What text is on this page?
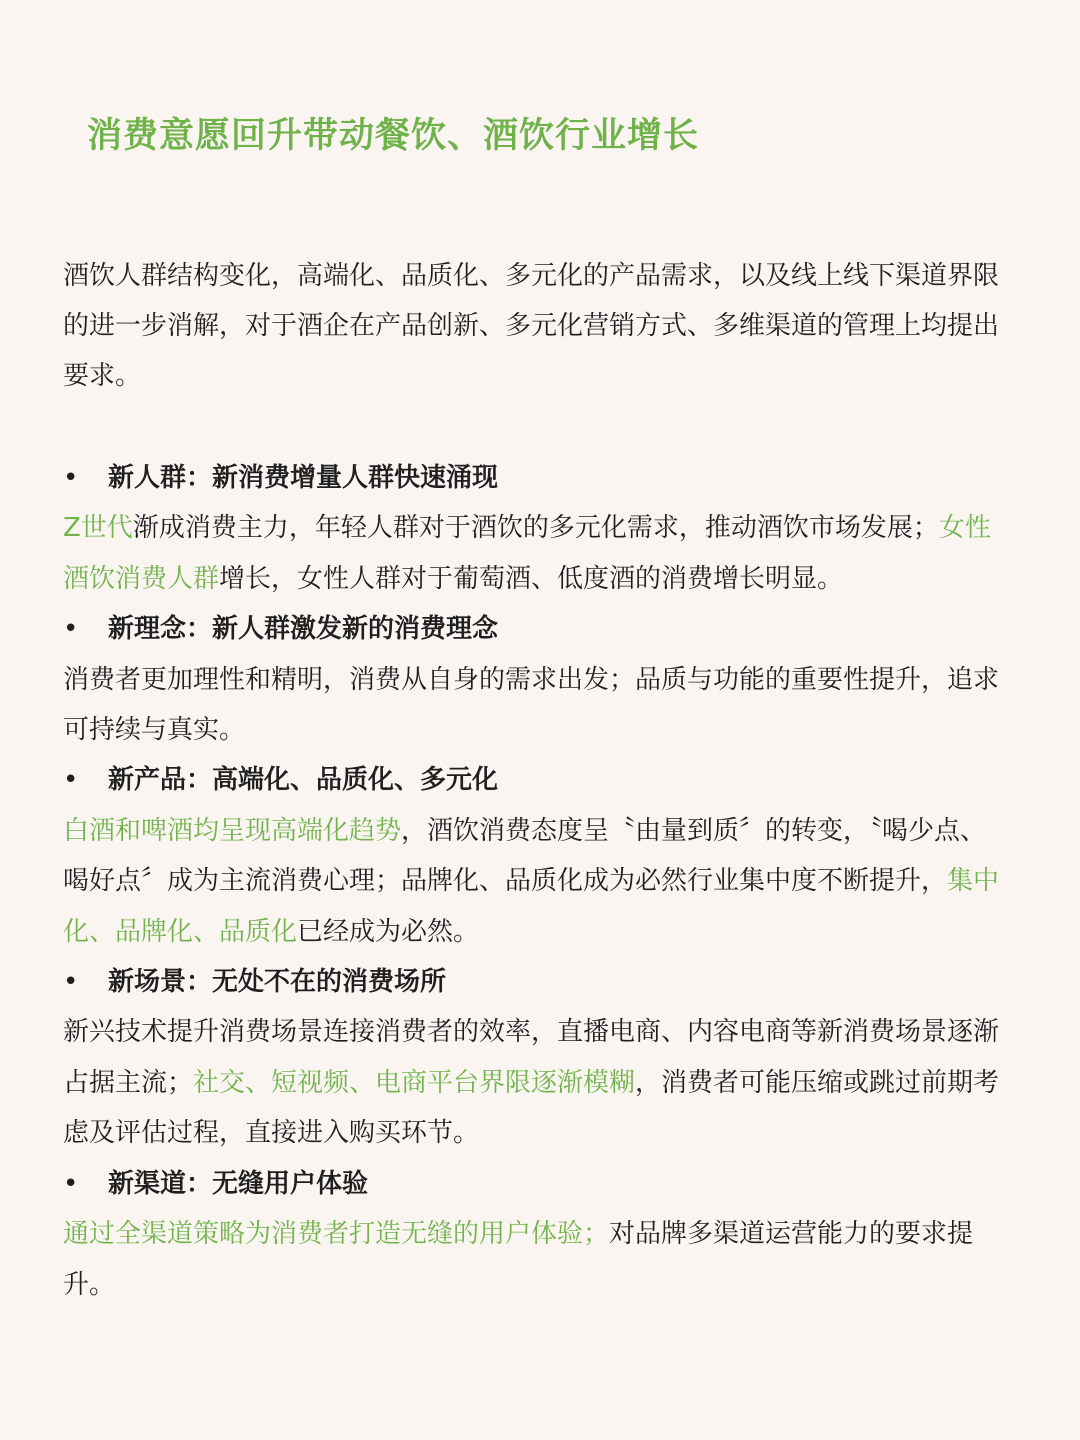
消费意愿回升带动餐饮、酒饮行业增长
酒饮人群结构变化，高端化、品质化、多元化的产品需求，以及线上线下渠道界限的进一步消解，对于酒企在产品创新、多元化营销方式、多维渠道的管理上均提出要求。
• 新人群：新消费增量人群快速涌现

Z世代渐成消费主力，年轻人群对于酒饮的多元化需求，推动酒饮市场发展；女性酒饮消费人群增长，女性人群对于葡萄酒、低度酒的消费增长明显。

• 新理念：新人群激发新的消费理念

消费者更加理性和精明，消费从自身的需求出发；品质与功能的重要性提升，追求可持续与真实。

• 新产品：高端化、品质化、多元化

白酒和啤酒均呈现高端化趋势，酒饮消费态度呈〝由量到质〞的转变，〝喝少点、喝好点〞成为主流消费心理；品牌化、品质化成为必然行业集中度不断提升，集中化、品牌化、品质化已经成为必然。

• 新场景：无处不在的消费场所

新兴技术提升消费场景连接消费者的效率，直播电商、内容电商等新消费场景逐渐占据主流；社交、短视频、电商平台界限逐渐模糊，消费者可能压缩或跳过前期考虑及评估过程，直接进入购买环节。

• 新渠道：无缝用户体验

通过全渠道策略为消费者打造无缝的用户体验；对品牌多渠道运营能力的要求提升。
